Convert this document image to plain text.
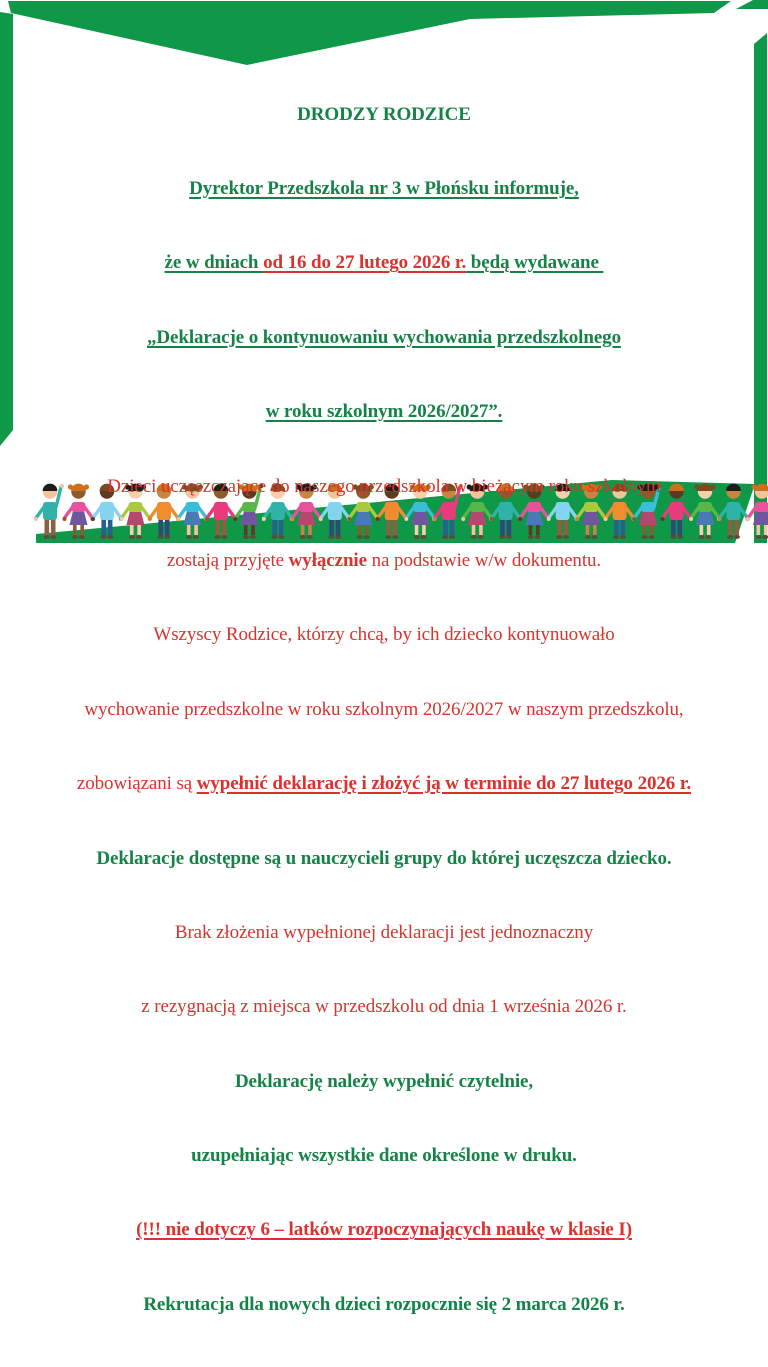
DRODZY RODZICE

Dyrektor Przedszkola nr 3 w Płońsku informuje,

że w dniach od 16 do 27 lutego 2026 r. będą wydawane

„Deklaracje o kontynuowaniu wychowania przedszkolnego

w roku szkolnym 2026/2027”.

Dzieci uczęszczające do naszego przedszkola w bieżącym roku szkolnym

zostają przyjęte wyłącznie na podstawie w/w dokumentu.

Wszyscy Rodzice, którzy chcą, by ich dziecko kontynuowało

wychowanie przedszkolne w roku szkolnym 2026/2027 w naszym przedszkolu,

zobowiązani są wypełnić deklarację i złożyć ją w terminie do 27 lutego 2026 r.

Deklaracje dostępne są u nauczycieli grupy do której uczęszcza dziecko.

Brak złożenia wypełnionej deklaracji jest jednoznaczny

z rezygnacją z miejsca w przedszkolu od dnia 1 września 2026 r.

Deklarację należy wypełnić czytelnie,

uzupełniając wszystkie dane określone w druku.

(!!! nie dotyczy 6 – latków rozpoczynających naukę w klasie I)

Rekrutacja dla nowych dzieci rozpocznie się 2 marca 2026 r.
